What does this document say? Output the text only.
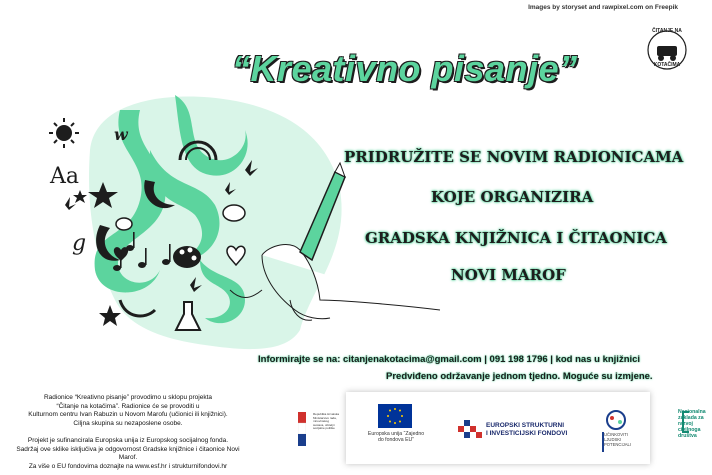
Aa
g
w
Images by storyset and rawpixel.com on Freepik
ČITANJE NA
KOTAČIMA
“Kreativno pisanje”
PRIDRUŽITE SE NOVIM RADIONICAMA
KOJE ORGANIZIRA
GRADSKA KNJIŽNICA I ČITAONICA
NOVI MAROF
Informirajte se na: citanjenakotacima@gmail.com | 091 198 1796 | kod nas u knjižnici
Predviđeno održavanje jednom tjedno. Moguće su izmjene.

Radionice “Kreativno pisanje” provodimo u sklopu projekta

“Čitanje na kotačima”. Radionice će se provoditi u

Kulturnom centru Ivan Rabuzin u Novom Marofu (učionici ili knjižnici).

Ciljna skupina su nezaposlene osobe.

Projekt je sufinancirala Europska unija iz Europskog socijalnog fonda.

Sadržaj ove sklike isključiva je odgovornost Gradske knjižnice i čitaonice Novi Marof.

Za više o EU fondovima doznajte na www.esf.hr i strukturnifondovi.hr

Republika Hrvatska Ministarstvo rada, mirovinskog sustava, obitelji i socijalne politike
Europska unija “Zajedno do fondova EU”
EUROPSKI STRUKTURNI
I INVESTICIJSKI FONDOVI	UČINKOVITI LJUDSKI POTENCIJALI
Nacionalna zaklada za razvoj civilnoga društva
